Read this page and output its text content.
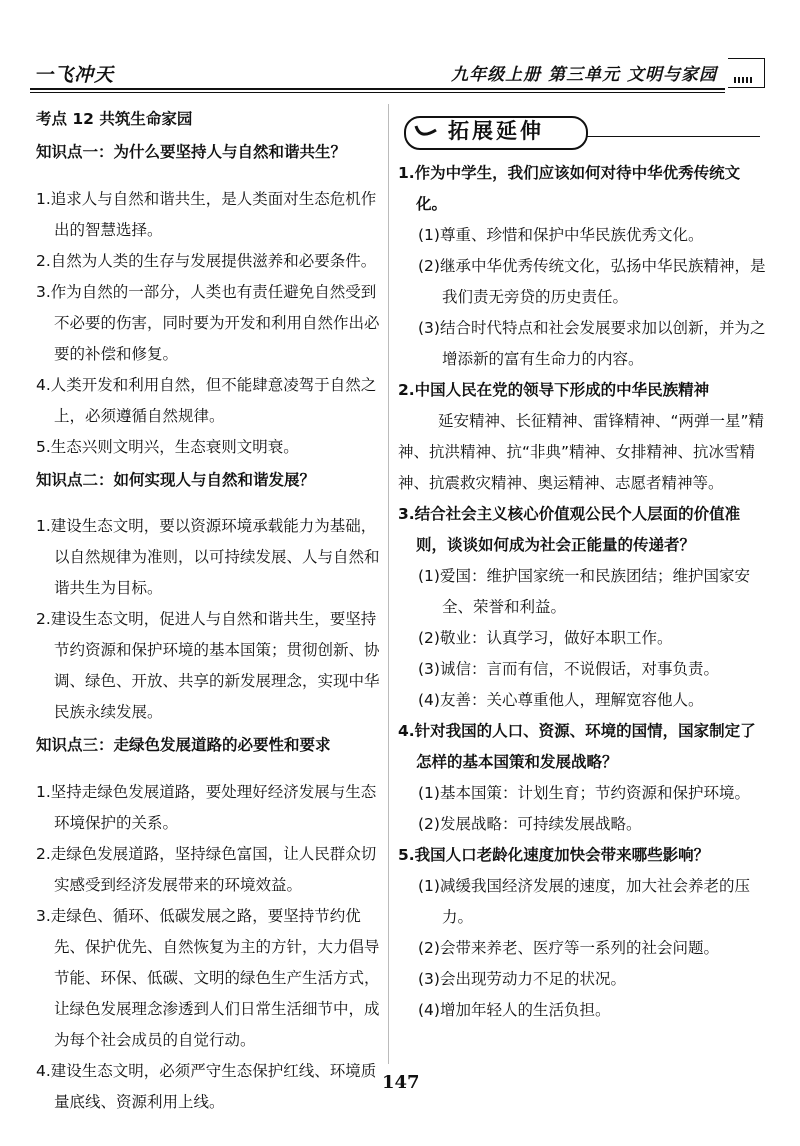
一飞冲天	九年级上册 第三单元 文明与家园

考点 12 共筑生命家园

知识点一：为什么要坚持人与自然和谐共生？

1.追求人与自然和谐共生，是人类面对生态危机作出的智慧选择。

2.自然为人类的生存与发展提供滋养和必要条件。

3.作为自然的一部分，人类也有责任避免自然受到不必要的伤害，同时要为开发和利用自然作出必要的补偿和修复。

4.人类开发和利用自然，但不能肆意凌驾于自然之上，必须遵循自然规律。

5.生态兴则文明兴，生态衰则文明衰。

知识点二：如何实现人与自然和谐发展？

1.建设生态文明，要以资源环境承载能力为基础，以自然规律为准则，以可持续发展、人与自然和谐共生为目标。

2.建设生态文明，促进人与自然和谐共生，要坚持节约资源和保护环境的基本国策；贯彻创新、协调、绿色、开放、共享的新发展理念，实现中华民族永续发展。

知识点三：走绿色发展道路的必要性和要求

1.坚持走绿色发展道路，要处理好经济发展与生态环境保护的关系。

2.走绿色发展道路，坚持绿色富国，让人民群众切实感受到经济发展带来的环境效益。

3.走绿色、循环、低碳发展之路，要坚持节约优先、保护优先、自然恢复为主的方针，大力倡导节能、环保、低碳、文明的绿色生产生活方式，让绿色发展理念渗透到人们日常生活细节中，成为每个社会成员的自觉行动。

4.建设生态文明，必须严守生态保护红线、环境质量底线、资源利用上线。

拓展延伸

1.作为中学生，我们应该如何对待中华优秀传统文化。

(1)尊重、珍惜和保护中华民族优秀文化。

(2)继承中华优秀传统文化，弘扬中华民族精神，是我们责无旁贷的历史责任。

(3)结合时代特点和社会发展要求加以创新，并为之增添新的富有生命力的内容。

2.中国人民在党的领导下形成的中华民族精神

延安精神、长征精神、雷锋精神、“两弹一星”精神、抗洪精神、抗“非典”精神、女排精神、抗冰雪精神、抗震救灾精神、奥运精神、志愿者精神等。

3.结合社会主义核心价值观公民个人层面的价值准则，谈谈如何成为社会正能量的传递者？

(1)爱国：维护国家统一和民族团结；维护国家安全、荣誉和利益。

(2)敬业：认真学习，做好本职工作。

(3)诚信：言而有信，不说假话，对事负责。

(4)友善：关心尊重他人，理解宽容他人。

4.针对我国的人口、资源、环境的国情，国家制定了怎样的基本国策和发展战略？

(1)基本国策：计划生育；节约资源和保护环境。

(2)发展战略：可持续发展战略。

5.我国人口老龄化速度加快会带来哪些影响？

(1)减缓我国经济发展的速度，加大社会养老的压力。

(2)会带来养老、医疗等一系列的社会问题。

(3)会出现劳动力不足的状况。

(4)增加年轻人的生活负担。

147
